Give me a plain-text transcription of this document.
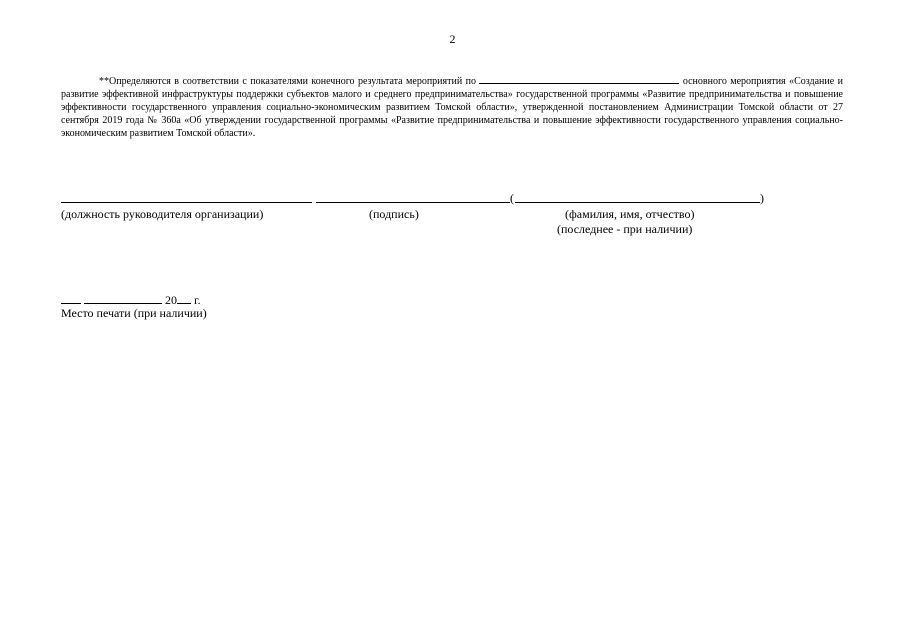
2
**Определяются в соответствии с показателями конечного результата мероприятий по	основного мероприятия «Создание и развитие эффективной инфраструктуры поддержки субъектов малого и среднего предпринимательства» государственной программы «Развитие предпринимательства и повышение эффективности государственного управления социально-экономическим развитием Томской области», утвержденной постановлением Администрации Томской области от 27 сентября 2019 года № 360а «Об утверждении государственной программы «Развитие предпринимательства и повышение эффективности государственного управления социально-экономическим развитием Томской области».
(	)
(должность руководителя организации)	(подпись)	(фамилия, имя, отчество)
(последнее - при наличии)
20 г.
Место печати (при наличии)
